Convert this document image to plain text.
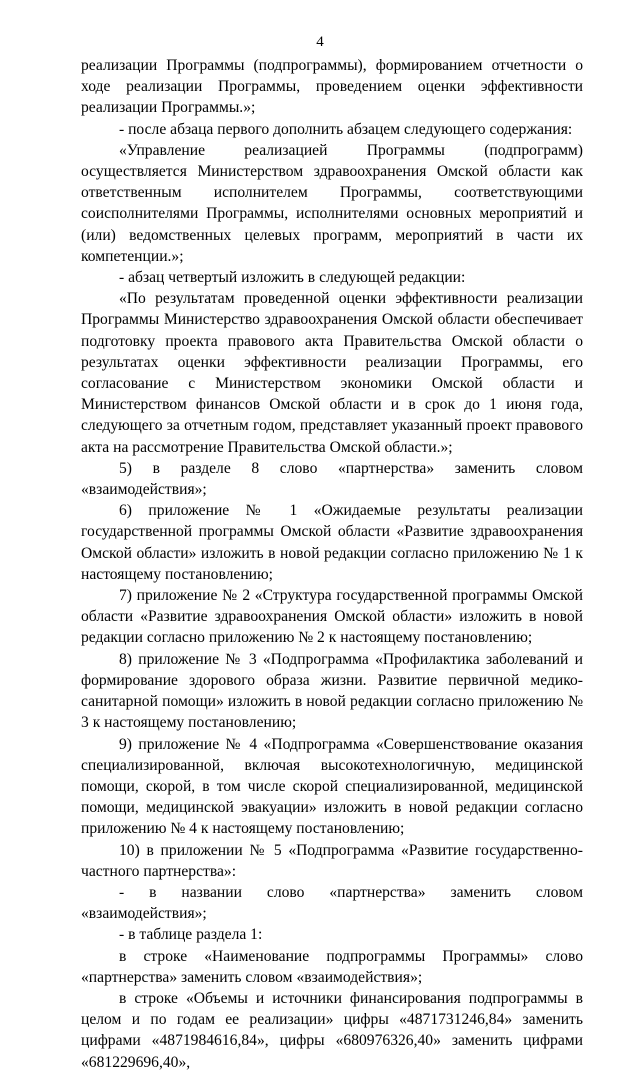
4

реализации Программы (подпрограммы), формированием отчетности о ходе реализации Программы, проведением оценки эффективности реализации Программы.»;

- после абзаца первого дополнить абзацем следующего содержания:

«Управление реализацией Программы (подпрограмм) осуществляется Министерством здравоохранения Омской области как ответственным исполнителем Программы, соответствующими соисполнителями Программы, исполнителями основных мероприятий и (или) ведомственных целевых программ, мероприятий в части их компетенции.»;

- абзац четвертый изложить в следующей редакции:

«По результатам проведенной оценки эффективности реализации Программы Министерство здравоохранения Омской области обеспечивает подготовку проекта правового акта Правительства Омской области о результатах оценки эффективности реализации Программы, его согласование с Министерством экономики Омской области и Министерством финансов Омской области и в срок до 1 июня года, следующего за отчетным годом, представляет указанный проект правового акта на рассмотрение Правительства Омской области.»;

5) в разделе 8 слово «партнерства» заменить словом «взаимодействия»;

6) приложение № 1 «Ожидаемые результаты реализации государственной программы Омской области «Развитие здравоохранения Омской области» изложить в новой редакции согласно приложению № 1 к настоящему постановлению;

7) приложение № 2 «Структура государственной программы Омской области «Развитие здравоохранения Омской области» изложить в новой редакции согласно приложению № 2 к настоящему постановлению;

8) приложение № 3 «Подпрограмма «Профилактика заболеваний и формирование здорового образа жизни. Развитие первичной медико-санитарной помощи» изложить в новой редакции согласно приложению № 3 к настоящему постановлению;

9) приложение № 4 «Подпрограмма «Совершенствование оказания специализированной, включая высокотехнологичную, медицинской помощи, скорой, в том числе скорой специализированной, медицинской помощи, медицинской эвакуации» изложить в новой редакции согласно приложению № 4 к настоящему постановлению;

10) в приложении № 5 «Подпрограмма «Развитие государственно-частного партнерства»:

- в названии слово «партнерства» заменить словом «взаимодействия»;

- в таблице раздела 1:

в строке «Наименование подпрограммы Программы» слово «партнерства» заменить словом «взаимодействия»;

в строке «Объемы и источники финансирования подпрограммы в целом и по годам ее реализации» цифры «4871731246,84» заменить цифрами «4871984616,84», цифры «680976326,40» заменить цифрами «681229696,40»,
